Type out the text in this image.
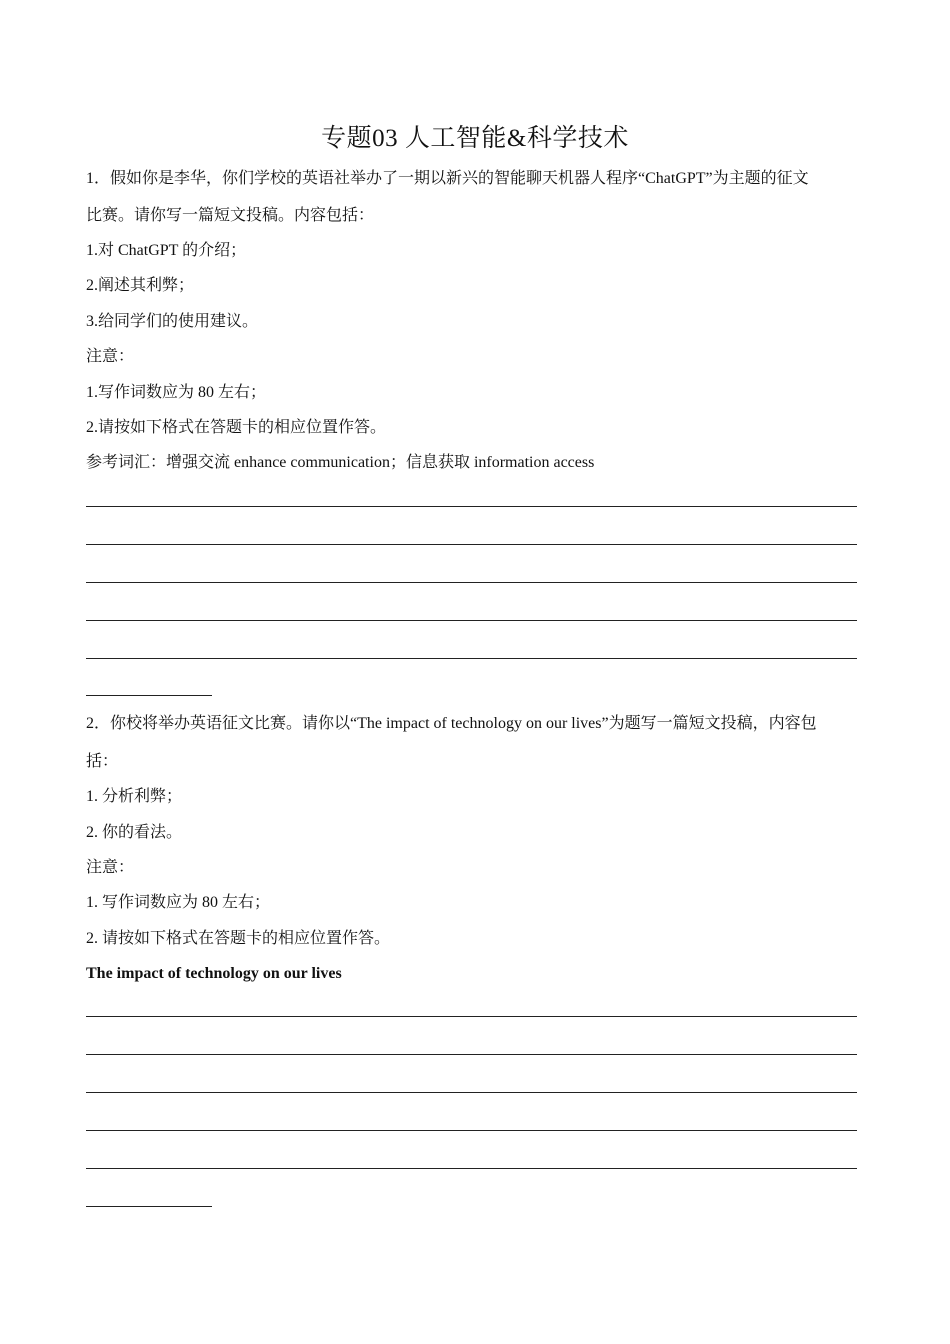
专题03 人工智能&科学技术
1．假如你是李华，你们学校的英语社举办了一期以新兴的智能聊天机器人程序“ChatGPT”为主题的征文
比赛。请你写一篇短文投稿。内容包括：
1.对 ChatGPT 的介绍；
2.阐述其利弊；
3.给同学们的使用建议。
注意：
1.写作词数应为 80 左右；
2.请按如下格式在答题卡的相应位置作答。
参考词汇：增强交流 enhance communication；信息获取 information access
2．你校将举办英语征文比赛。请你以“The impact of technology on our lives”为题写一篇短文投稿，内容包
括：
1. 分析利弊；
2. 你的看法。
注意：
1. 写作词数应为 80 左右；
2. 请按如下格式在答题卡的相应位置作答。
The impact of technology on our lives
